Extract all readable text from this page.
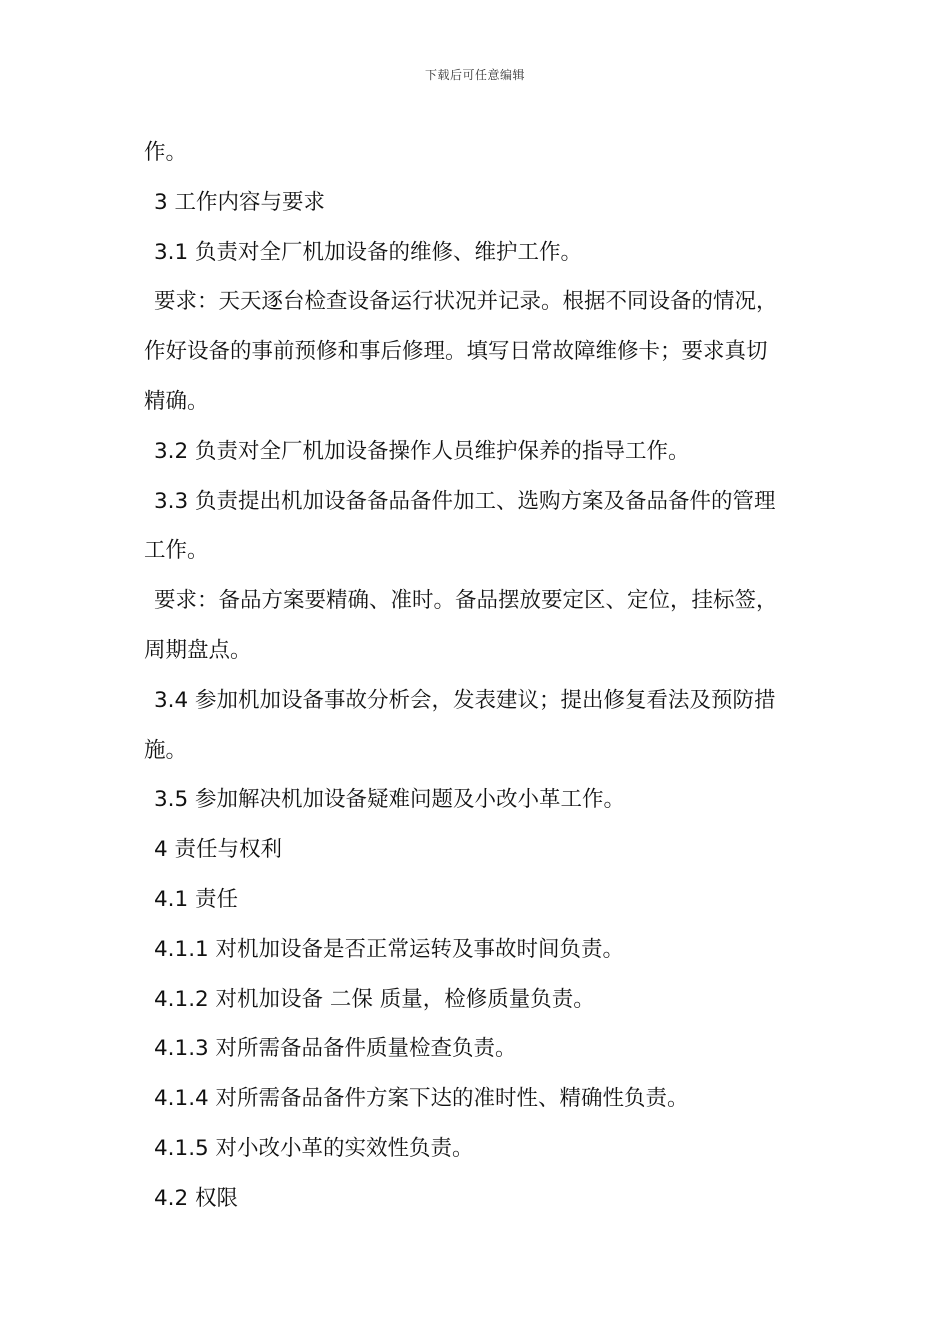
下载后可任意编辑
作。
3 工作内容与要求
3.1 负责对全厂机加设备的维修、维护工作。
要求：天天逐台检查设备运行状况并记录。根据不同设备的情况，
作好设备的事前预修和事后修理。填写日常故障维修卡；要求真切
精确。
3.2 负责对全厂机加设备操作人员维护保养的指导工作。
3.3 负责提出机加设备备品备件加工、选购方案及备品备件的管理
工作。
要求：备品方案要精确、准时。备品摆放要定区、定位，挂标签，
周期盘点。
3.4 参加机加设备事故分析会，发表建议；提出修复看法及预防措
施。
3.5 参加解决机加设备疑难问题及小改小革工作。
4 责任与权利
4.1 责任
4.1.1 对机加设备是否正常运转及事故时间负责。
4.1.2 对机加设备 二保 质量，检修质量负责。
4.1.3 对所需备品备件质量检查负责。
4.1.4 对所需备品备件方案下达的准时性、精确性负责。
4.1.5 对小改小革的实效性负责。
4.2 权限
